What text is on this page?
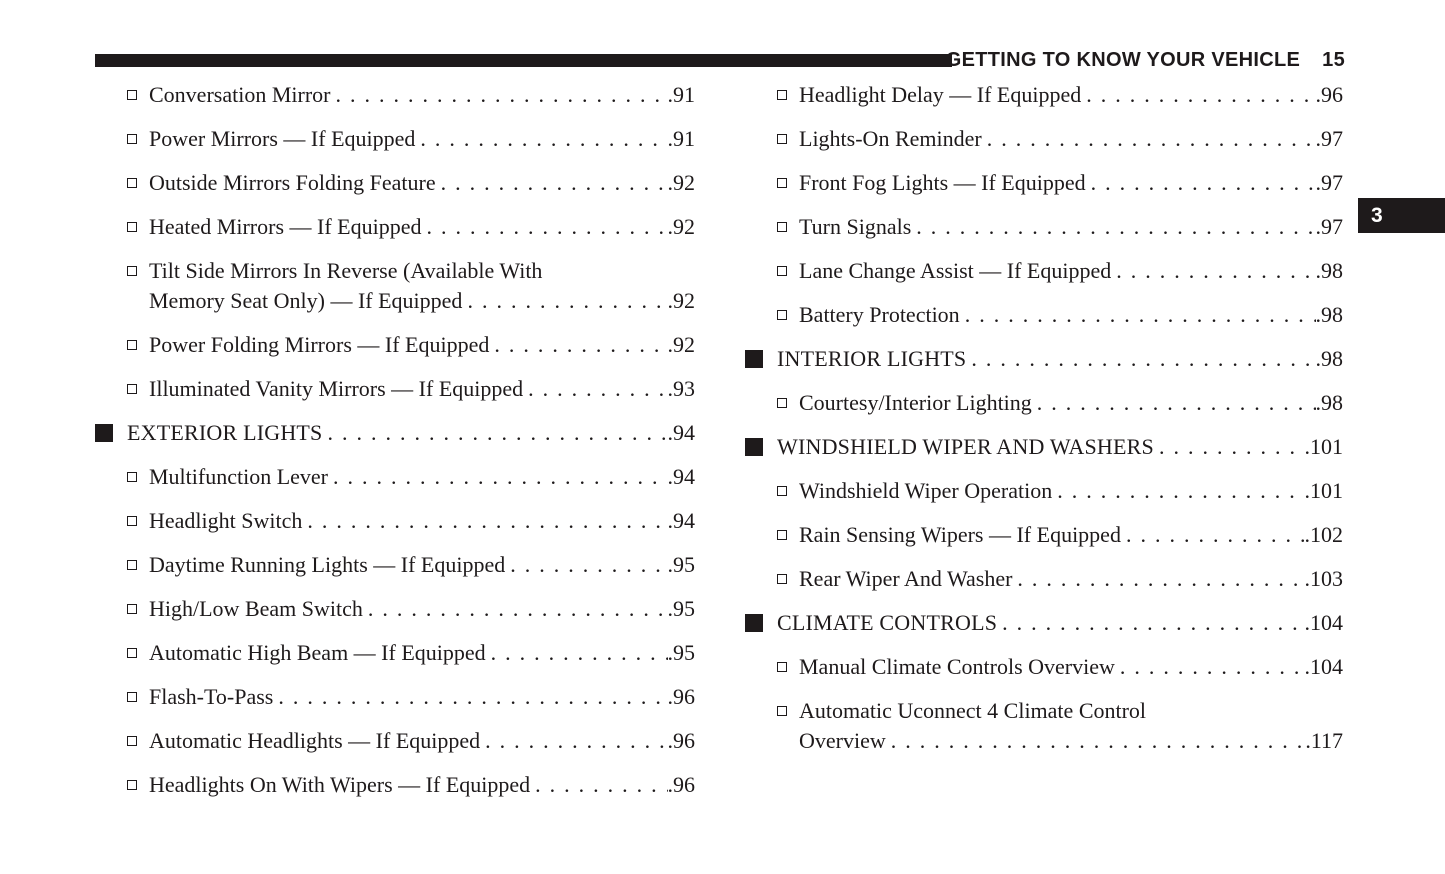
GETTING TO KNOW YOUR VEHICLE 15
3
Conversation Mirror .....	. 91
Power Mirrors — If Equipped .....	. 91
Outside Mirrors Folding Feature .....	. 92
Heated Mirrors — If Equipped .....	. 92
Tilt Side Mirrors In Reverse (Available With
Memory Seat Only) — If Equipped .....	. 92
Power Folding Mirrors — If Equipped .....	. 92
Illuminated Vanity Mirrors — If Equipped .....	. 93
EXTERIOR LIGHTS .....	. 94
Multifunction Lever .....	. 94
Headlight Switch .....	. 94
Daytime Running Lights — If Equipped .....	. 95
High/Low Beam Switch .....	. 95
Automatic High Beam — If Equipped .....	. 95
Flash-To-Pass .....	. 96
Automatic Headlights — If Equipped .....	. 96
Headlights On With Wipers — If Equipped .....	. 96
Headlight Delay — If Equipped .....	. 96
Lights-On Reminder .....	. 97
Front Fog Lights — If Equipped .....	. 97
Turn Signals .....	. 97
Lane Change Assist — If Equipped .....	. 98
Battery Protection .....	. 98
INTERIOR LIGHTS .....	. 98
Courtesy/Interior Lighting .....	. 98
WINDSHIELD WIPER AND WASHERS .....	. 101
Windshield Wiper Operation .....	. 101
Rain Sensing Wipers — If Equipped .....	. 102
Rear Wiper And Washer .....	. 103
CLIMATE CONTROLS .....	. 104
Manual Climate Controls Overview .....	. 104
Automatic Uconnect 4 Climate Control
Overview .....	. 117
